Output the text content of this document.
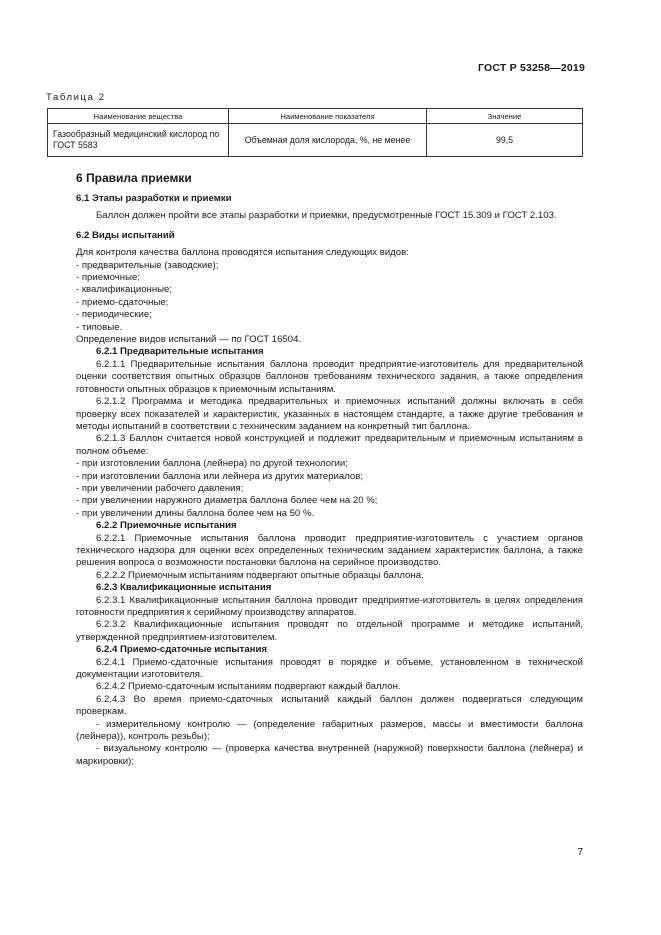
ГОСТ Р 53258—2019
Таблица 2
Наименование вещества	Наименование показателя	Значение
Газообразный медицинский кислород по ГОСТ 5583	Объемная доля кислорода, %, не менее	99,5
6 Правила приемки
6.1 Этапы разработки и приемки
Баллон должен пройти все этапы разработки и приемки, предусмотренные ГОСТ 15.309 и ГОСТ 2.103.
6.2 Виды испытаний
Для контроля качества баллона проводятся испытания следующих видов:
- предварительные (заводские);
- приемочные;
- квалификационные;
- приемо-сдаточные;
- периодические;
- типовые.
Определение видов испытаний — по ГОСТ 16504.
6.2.1 Предварительные испытания
6.2.1.1 Предварительные испытания баллона проводит предприятие-изготовитель для предварительной оценки соответствия опытных образцов баллонов требованиям технического задания, а также определения готовности опытных образцов к приемочным испытаниям.
6.2.1.2 Программа и методика предварительных и приемочных испытаний должны включать в себя проверку всех показателей и характеристик, указанных в настоящем стандарте, а также другие требования и методы испытаний в соответствии с техническим заданием на конкретный тип баллона.
6.2.1.3 Баллон считается новой конструкцией и подлежит предварительным и приемочным испытаниям в полном объеме:
- при изготовлении баллона (лейнера) по другой технологии;
- при изготовлении баллона или лейнера из других материалов;
- при увеличении рабочего давления;
- при увеличении наружного диаметра баллона более чем на 20 %;
- при увеличении длины баллона более чем на 50 %.
6.2.2 Приемочные испытания
6.2.2.1 Приемочные испытания баллона проводит предприятие-изготовитель с участием органов технического надзора для оценки всех определенных техническим заданием характеристик баллона, а также решения вопроса о возможности постановки баллона на серийное производство.
6.2.2.2 Приемочным испытаниям подвергают опытные образцы баллона.
6.2.3 Квалификационные испытания
6.2.3.1 Квалификационные испытания баллона проводит предприятие-изготовитель в целях определения готовности предприятия к серийному производству аппаратов.
6.2.3.2 Квалификационные испытания проводят по отдельной программе и методике испытаний, утвержденной предприятием-изготовителем.
6.2.4 Приемо-сдаточные испытания
6.2.4.1 Приемо-сдаточные испытания проводят в порядке и объеме, установленном в технической документации изготовителя.
6.2.4.2 Приемо-сдаточным испытаниям подвергают каждый баллон.
6.2.4.3 Во время приемо-сдаточных испытаний каждый баллон должен подвергаться следующим проверкам.
- измерительному контролю — (определение габаритных размеров, массы и вместимости баллона (лейнера)), контроль резьбы);
- визуальному контролю — (проверка качества внутренней (наружной) поверхности баллона (лейнера) и маркировки);
7
